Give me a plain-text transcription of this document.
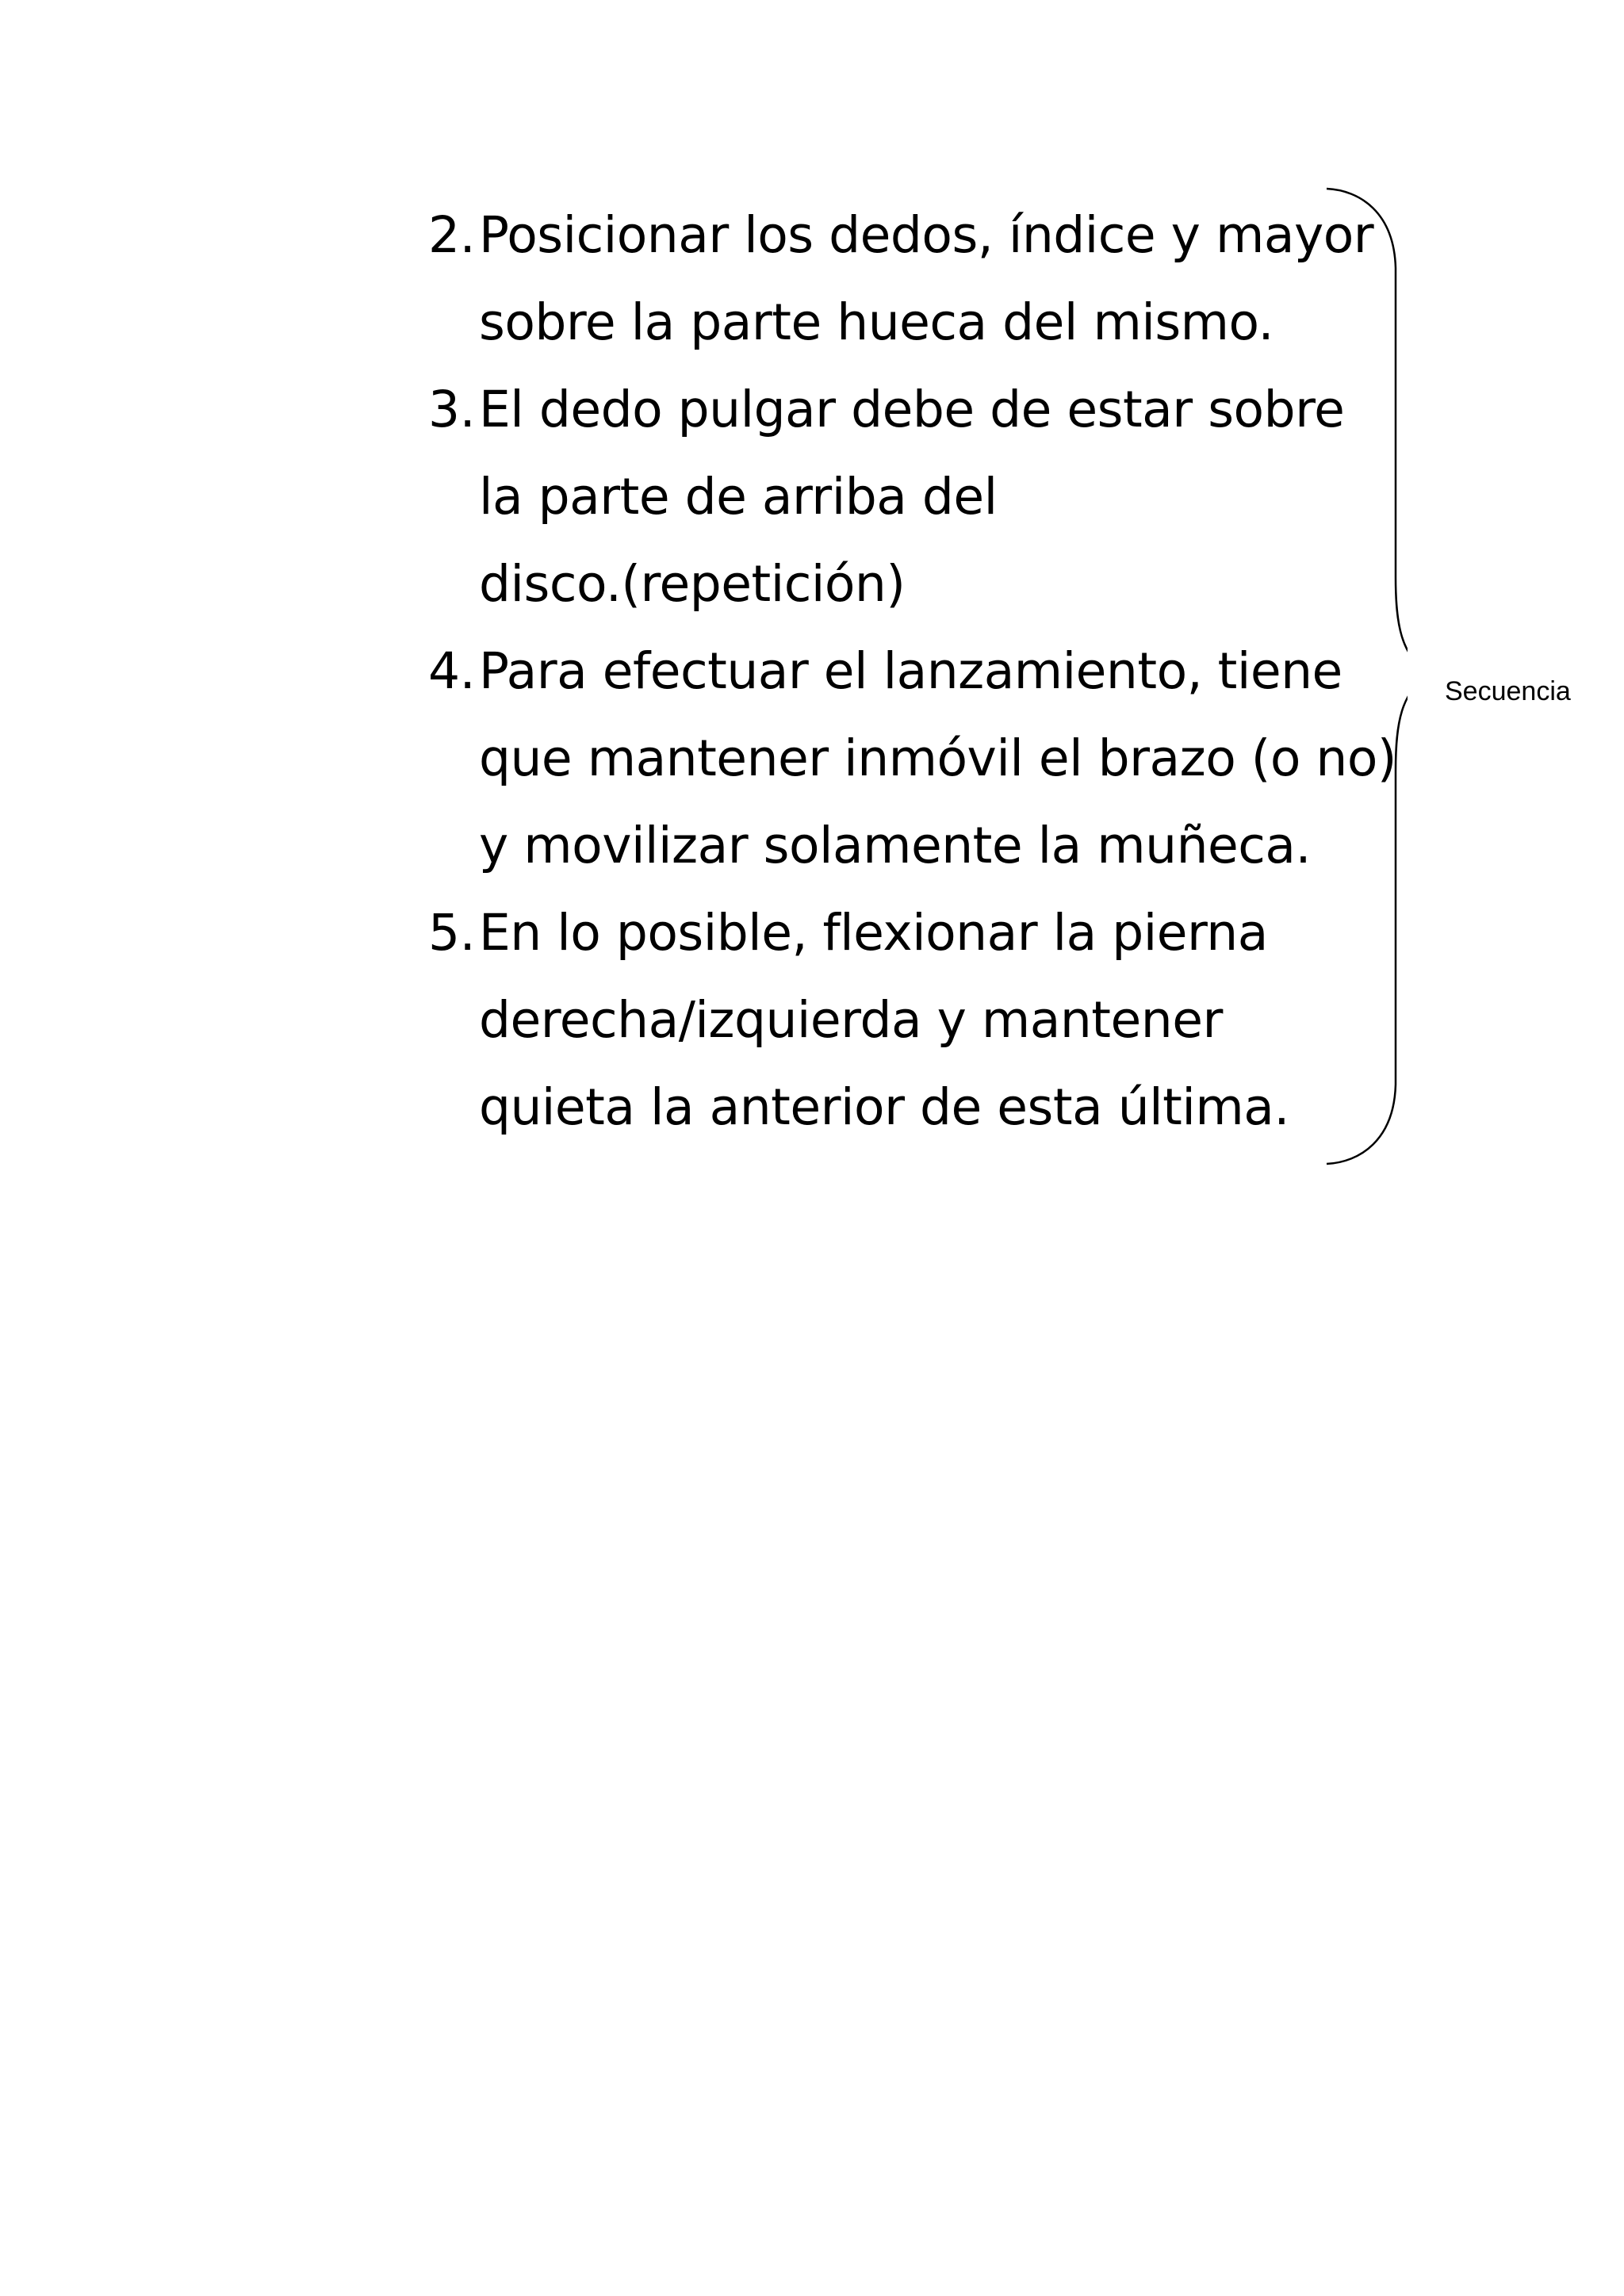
2. Posicionar los dedos, índice y mayor
sobre la parte hueca del mismo.
3. El dedo pulgar debe de estar sobre
la parte de arriba del
disco.(repetición)
4. Para efectuar el lanzamiento, tiene
que mantener inmóvil el brazo (o no)
y movilizar solamente la muñeca.
5. En lo posible, flexionar la pierna
derecha/izquierda y mantener
quieta la anterior de esta última.
Secuencia
